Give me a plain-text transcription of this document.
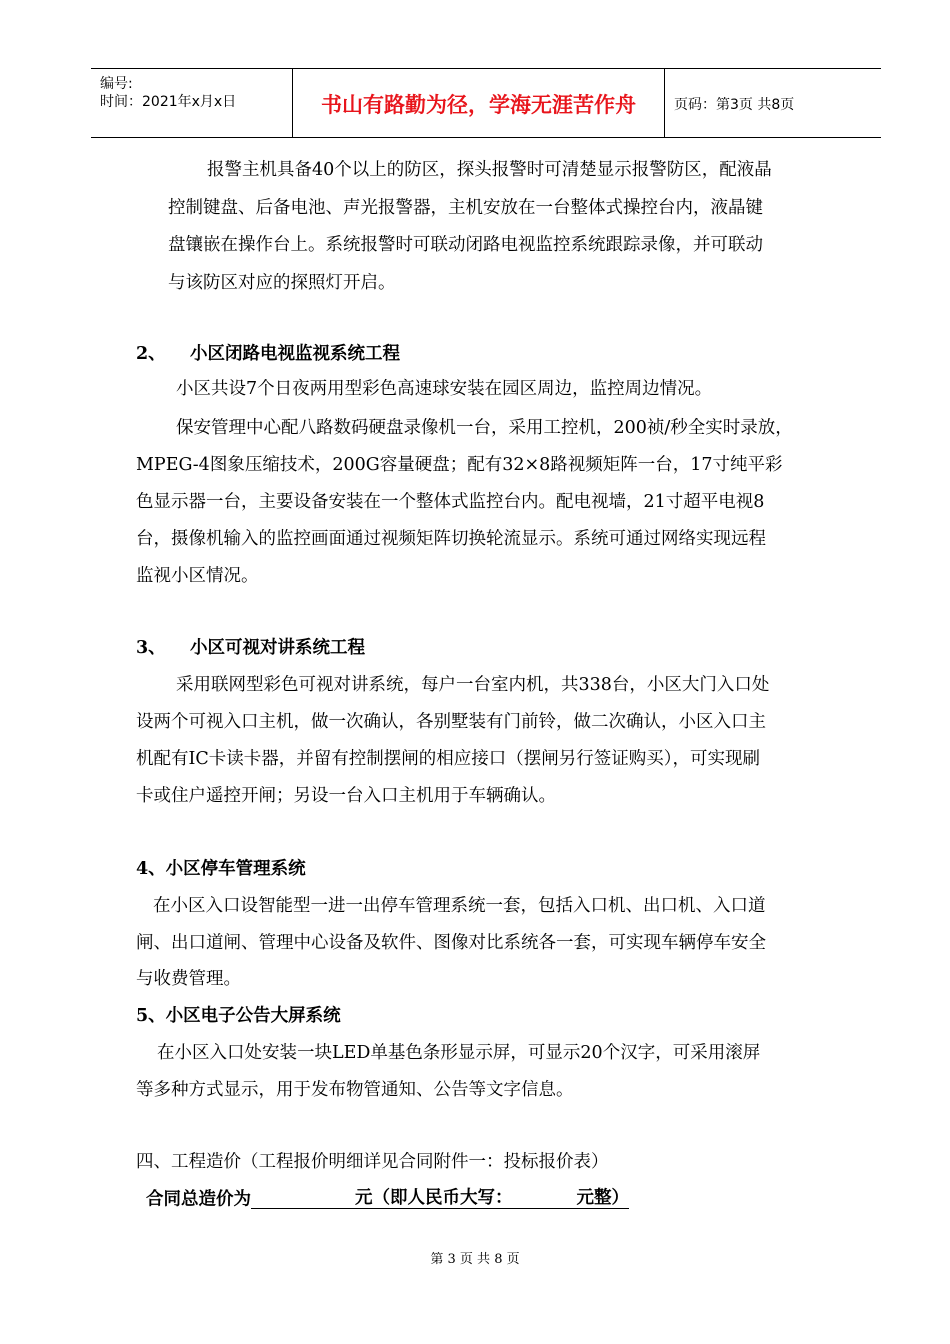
编号:
时间：2021年x月x日	书山有路勤为径，学海无涯苦作舟	页码：第3页 共8页
报警主机具备40个以上的防区，探头报警时可清楚显示报警防区，配液晶
控制键盘、后备电池、声光报警器，主机安放在一台整体式操控台内，液晶键
盘镶嵌在操作台上。系统报警时可联动闭路电视监控系统跟踪录像，并可联动
与该防区对应的探照灯开启。
2、    小区闭路电视监视系统工程
小区共设7个日夜两用型彩色高速球安装在园区周边，监控周边情况。
保安管理中心配八路数码硬盘录像机一台，采用工控机，200祯/秒全实时录放，
MPEG-4图象压缩技术，200G容量硬盘；配有32×8路视频矩阵一台，17寸纯平彩
色显示器一台，主要设备安装在一个整体式监控台内。配电视墙，21寸超平电视8
台，摄像机输入的监控画面通过视频矩阵切换轮流显示。系统可通过网络实现远程
监视小区情况。
3、    小区可视对讲系统工程
采用联网型彩色可视对讲系统，每户一台室内机，共338台，小区大门入口处
设两个可视入口主机，做一次确认，各别墅装有门前铃，做二次确认，小区入口主
机配有IC卡读卡器，并留有控制摆闸的相应接口（摆闸另行签证购买），可实现刷
卡或住户遥控开闸；另设一台入口主机用于车辆确认。
4、小区停车管理系统
在小区入口设智能型一进一出停车管理系统一套，包括入口机、出口机、入口道
闸、出口道闸、管理中心设备及软件、图像对比系统各一套，可实现车辆停车安全
与收费管理。
5、小区电子公告大屏系统
在小区入口处安装一块LED单基色条形显示屏，可显示20个汉字，可采用滚屏
等多种方式显示，用于发布物管通知、公告等文字信息。
四、工程造价（工程报价明细详见合同附件一：投标报价表）
合同总造价为	元（即人民币大写：	元整）
第 3 页 共 8 页
